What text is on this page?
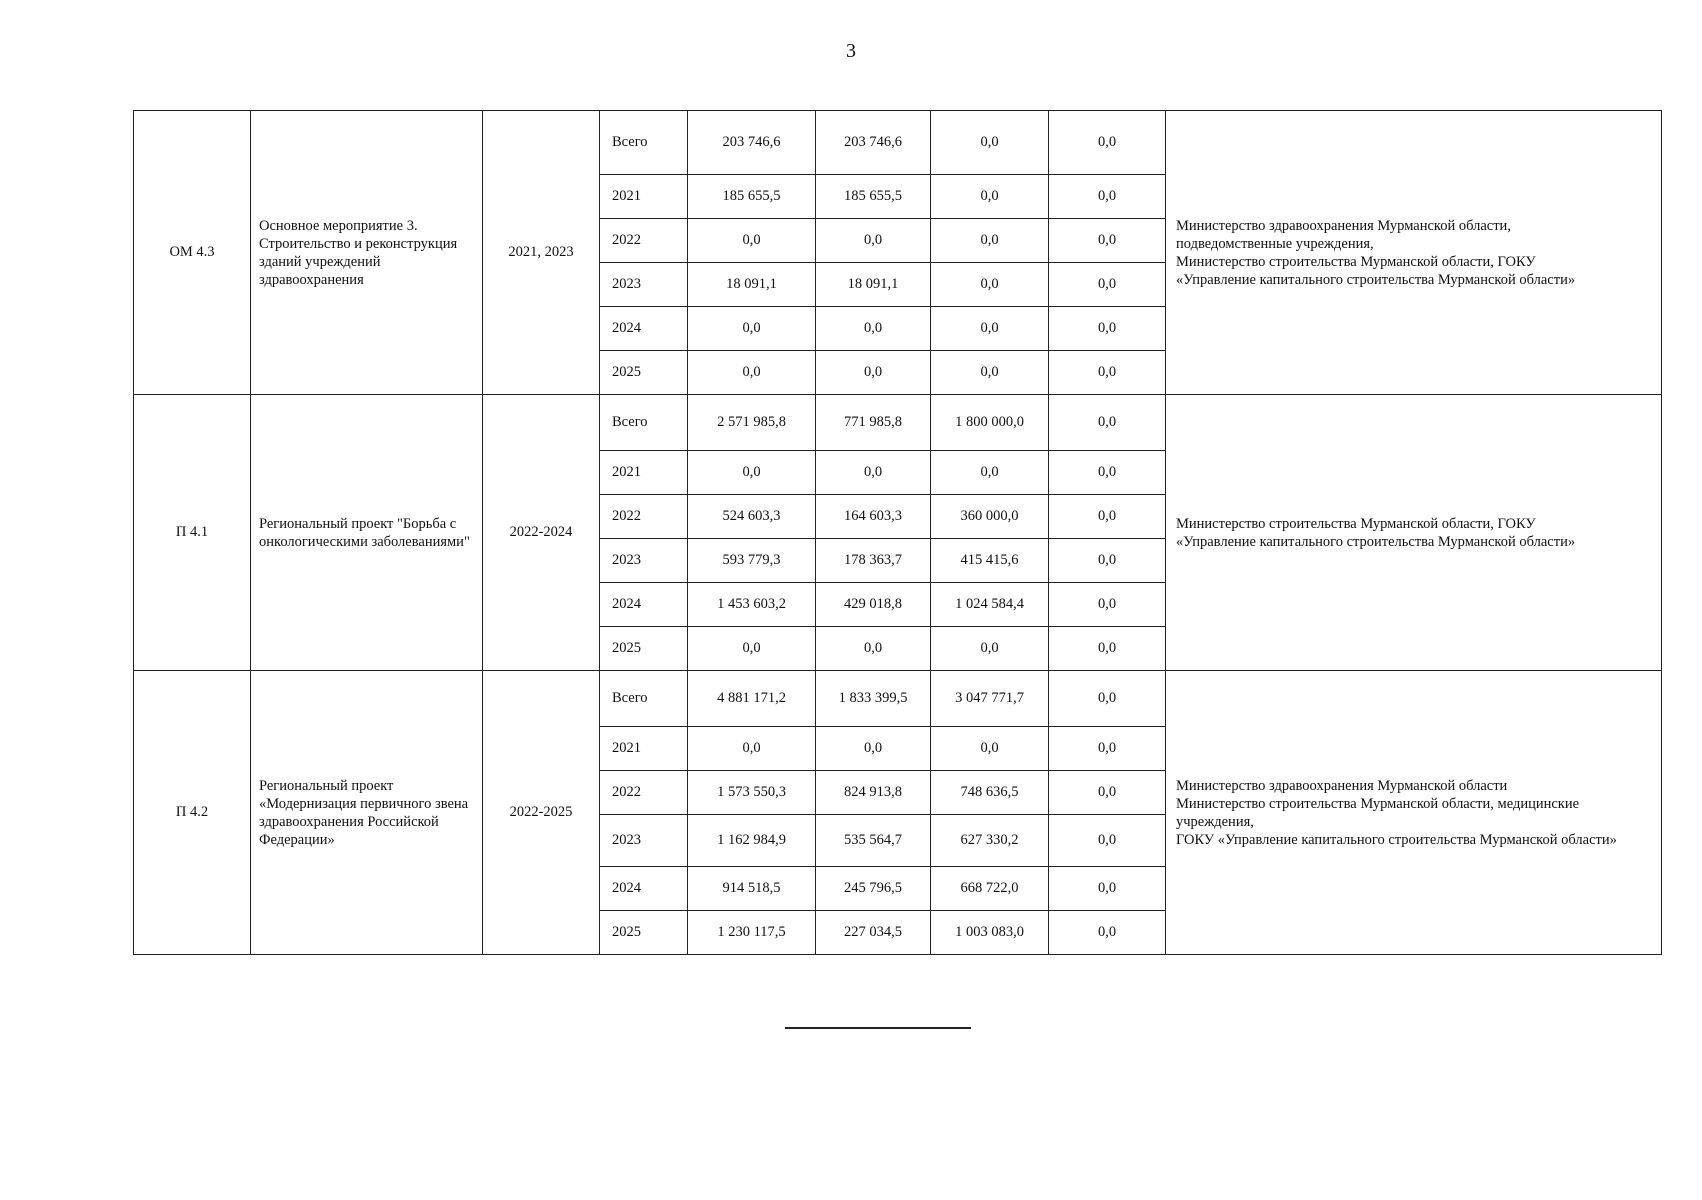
3
ОМ 4.3	Основное мероприятие 3. Строительство и реконструкция зданий учреждений здравоохранения	2021, 2023	Всего	203 746,6	203 746,6	0,0	0,0	Министерство здравоохранения Мурманской области,
подведомственные учреждения,
Министерство строительства Мурманской области, ГОКУ
«Управление капитального строительства Мурманской области»

			2021	185 655,5	185 655,5	0,0	0,0	
			2022	0,0	0,0	0,0	0,0	
			2023	18 091,1	18 091,1	0,0	0,0	
			2024	0,0	0,0	0,0	0,0	
			2025	0,0	0,0	0,0	0,0	
П 4.1	Региональный проект "Борьба с онкологическими заболеваниями"	2022-2024	Всего	2 571 985,8	771 985,8	1 800 000,0	0,0	Министерство строительства Мурманской области, ГОКУ
«Управление капитального строительства Мурманской области»

			2021	0,0	0,0	0,0	0,0	
			2022	524 603,3	164 603,3	360 000,0	0,0	
			2023	593 779,3	178 363,7	415 415,6	0,0	
			2024	1 453 603,2	429 018,8	1 024 584,4	0,0	
			2025	0,0	0,0	0,0	0,0	
П 4.2	Региональный проект «Модернизация первичного звена здравоохранения Российской Федерации»	2022-2025	Всего	4 881 171,2	1 833 399,5	3 047 771,7	0,0	Министерство здравоохранения Мурманской области
Министерство строительства Мурманской области, медицинские учреждения,
ГОКУ «Управление капитального строительства Мурманской области»

			2021	0,0	0,0	0,0	0,0	
			2022	1 573 550,3	824 913,8	748 636,5	0,0	
			2023	1 162 984,9	535 564,7	627 330,2	0,0	
			2024	914 518,5	245 796,5	668 722,0	0,0	
			2025	1 230 117,5	227 034,5	1 003 083,0	0,0	
